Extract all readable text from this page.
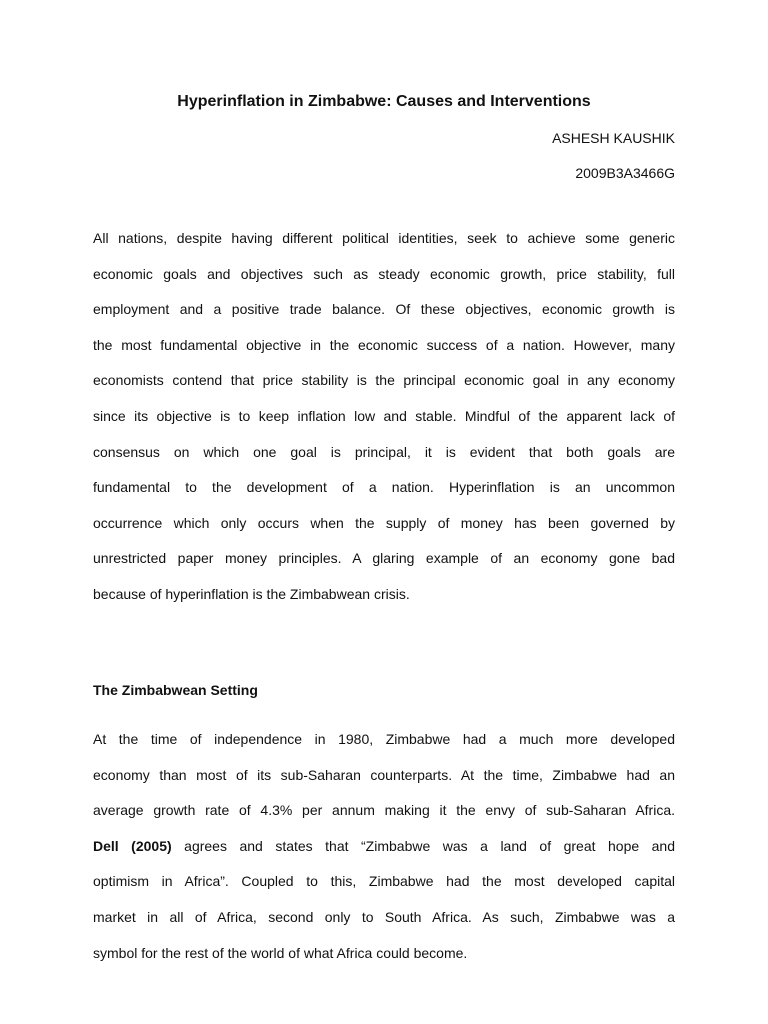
Hyperinflation in Zimbabwe: Causes and Interventions
ASHESH KAUSHIK
2009B3A3466G
All nations, despite having different political identities, seek to achieve some generic
economic goals and objectives such as steady economic growth, price stability, full
employment and a positive trade balance. Of these objectives, economic growth is
the most fundamental objective in the economic success of a nation. However, many
economists contend that price stability is the principal economic goal in any economy
since its objective is to keep inflation low and stable. Mindful of the apparent lack of
consensus on which one goal is principal, it is evident that both goals are
fundamental to the development of a nation. Hyperinflation is an uncommon
occurrence which only occurs when the supply of money has been governed by
unrestricted paper money principles. A glaring example of an economy gone bad
because of hyperinflation is the Zimbabwean crisis.
The Zimbabwean Setting
At the time of independence in 1980, Zimbabwe had a much more developed
economy than most of its sub-Saharan counterparts. At the time, Zimbabwe had an
average growth rate of 4.3% per annum making it the envy of sub-Saharan Africa.
Dell (2005) agrees and states that “Zimbabwe was a land of great hope and
optimism in Africa”. Coupled to this, Zimbabwe had the most developed capital
market in all of Africa, second only to South Africa. As such, Zimbabwe was a
symbol for the rest of the world of what Africa could become.
